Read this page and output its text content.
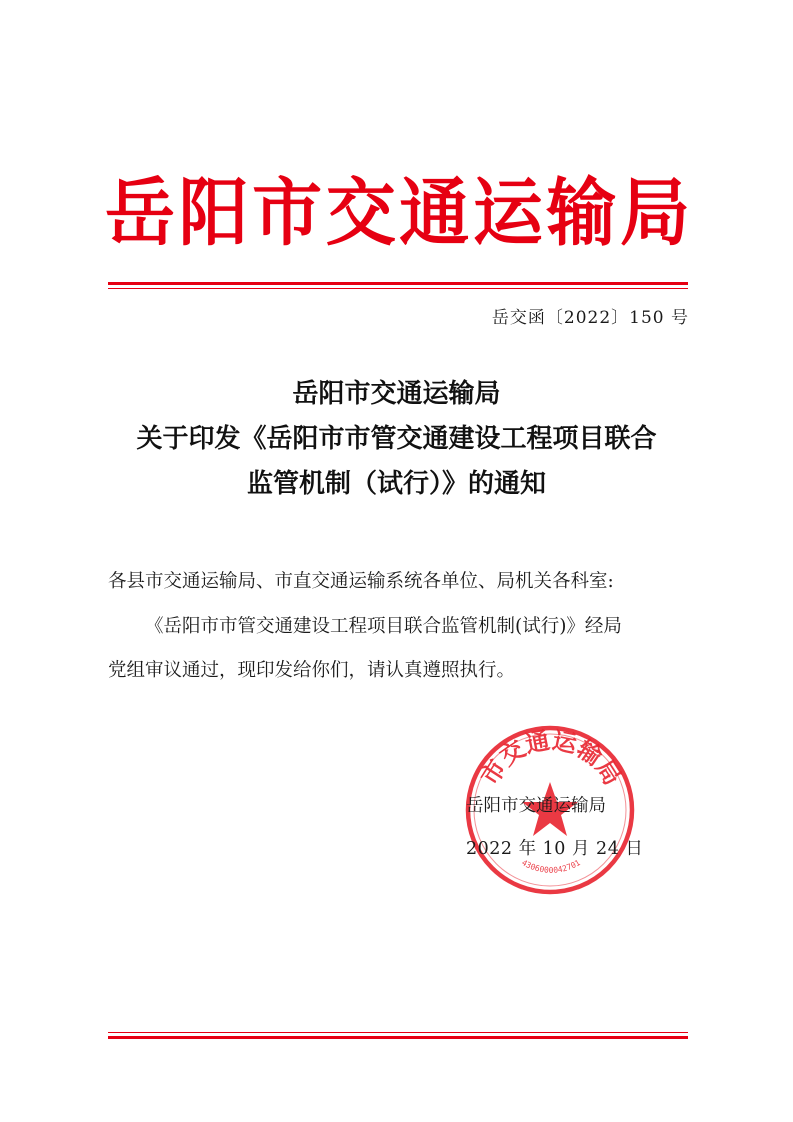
岳 阳 市 交 通 运 输 局
岳交函〔2022〕150 号
岳阳市交通运输局
关于印发《岳阳市市管交通建设工程项目联合
监管机制（试行）》的通知
各县市交通运输局、市直交通运输系统各单位、局机关各科室:
《岳阳市市管交通建设工程项目联合监管机制(试行)》经局
党组审议通过，现印发给你们，请认真遵照执行。
市交通运输局
4306000042701
岳阳市交通运输局
2022 年 10 月 24 日
